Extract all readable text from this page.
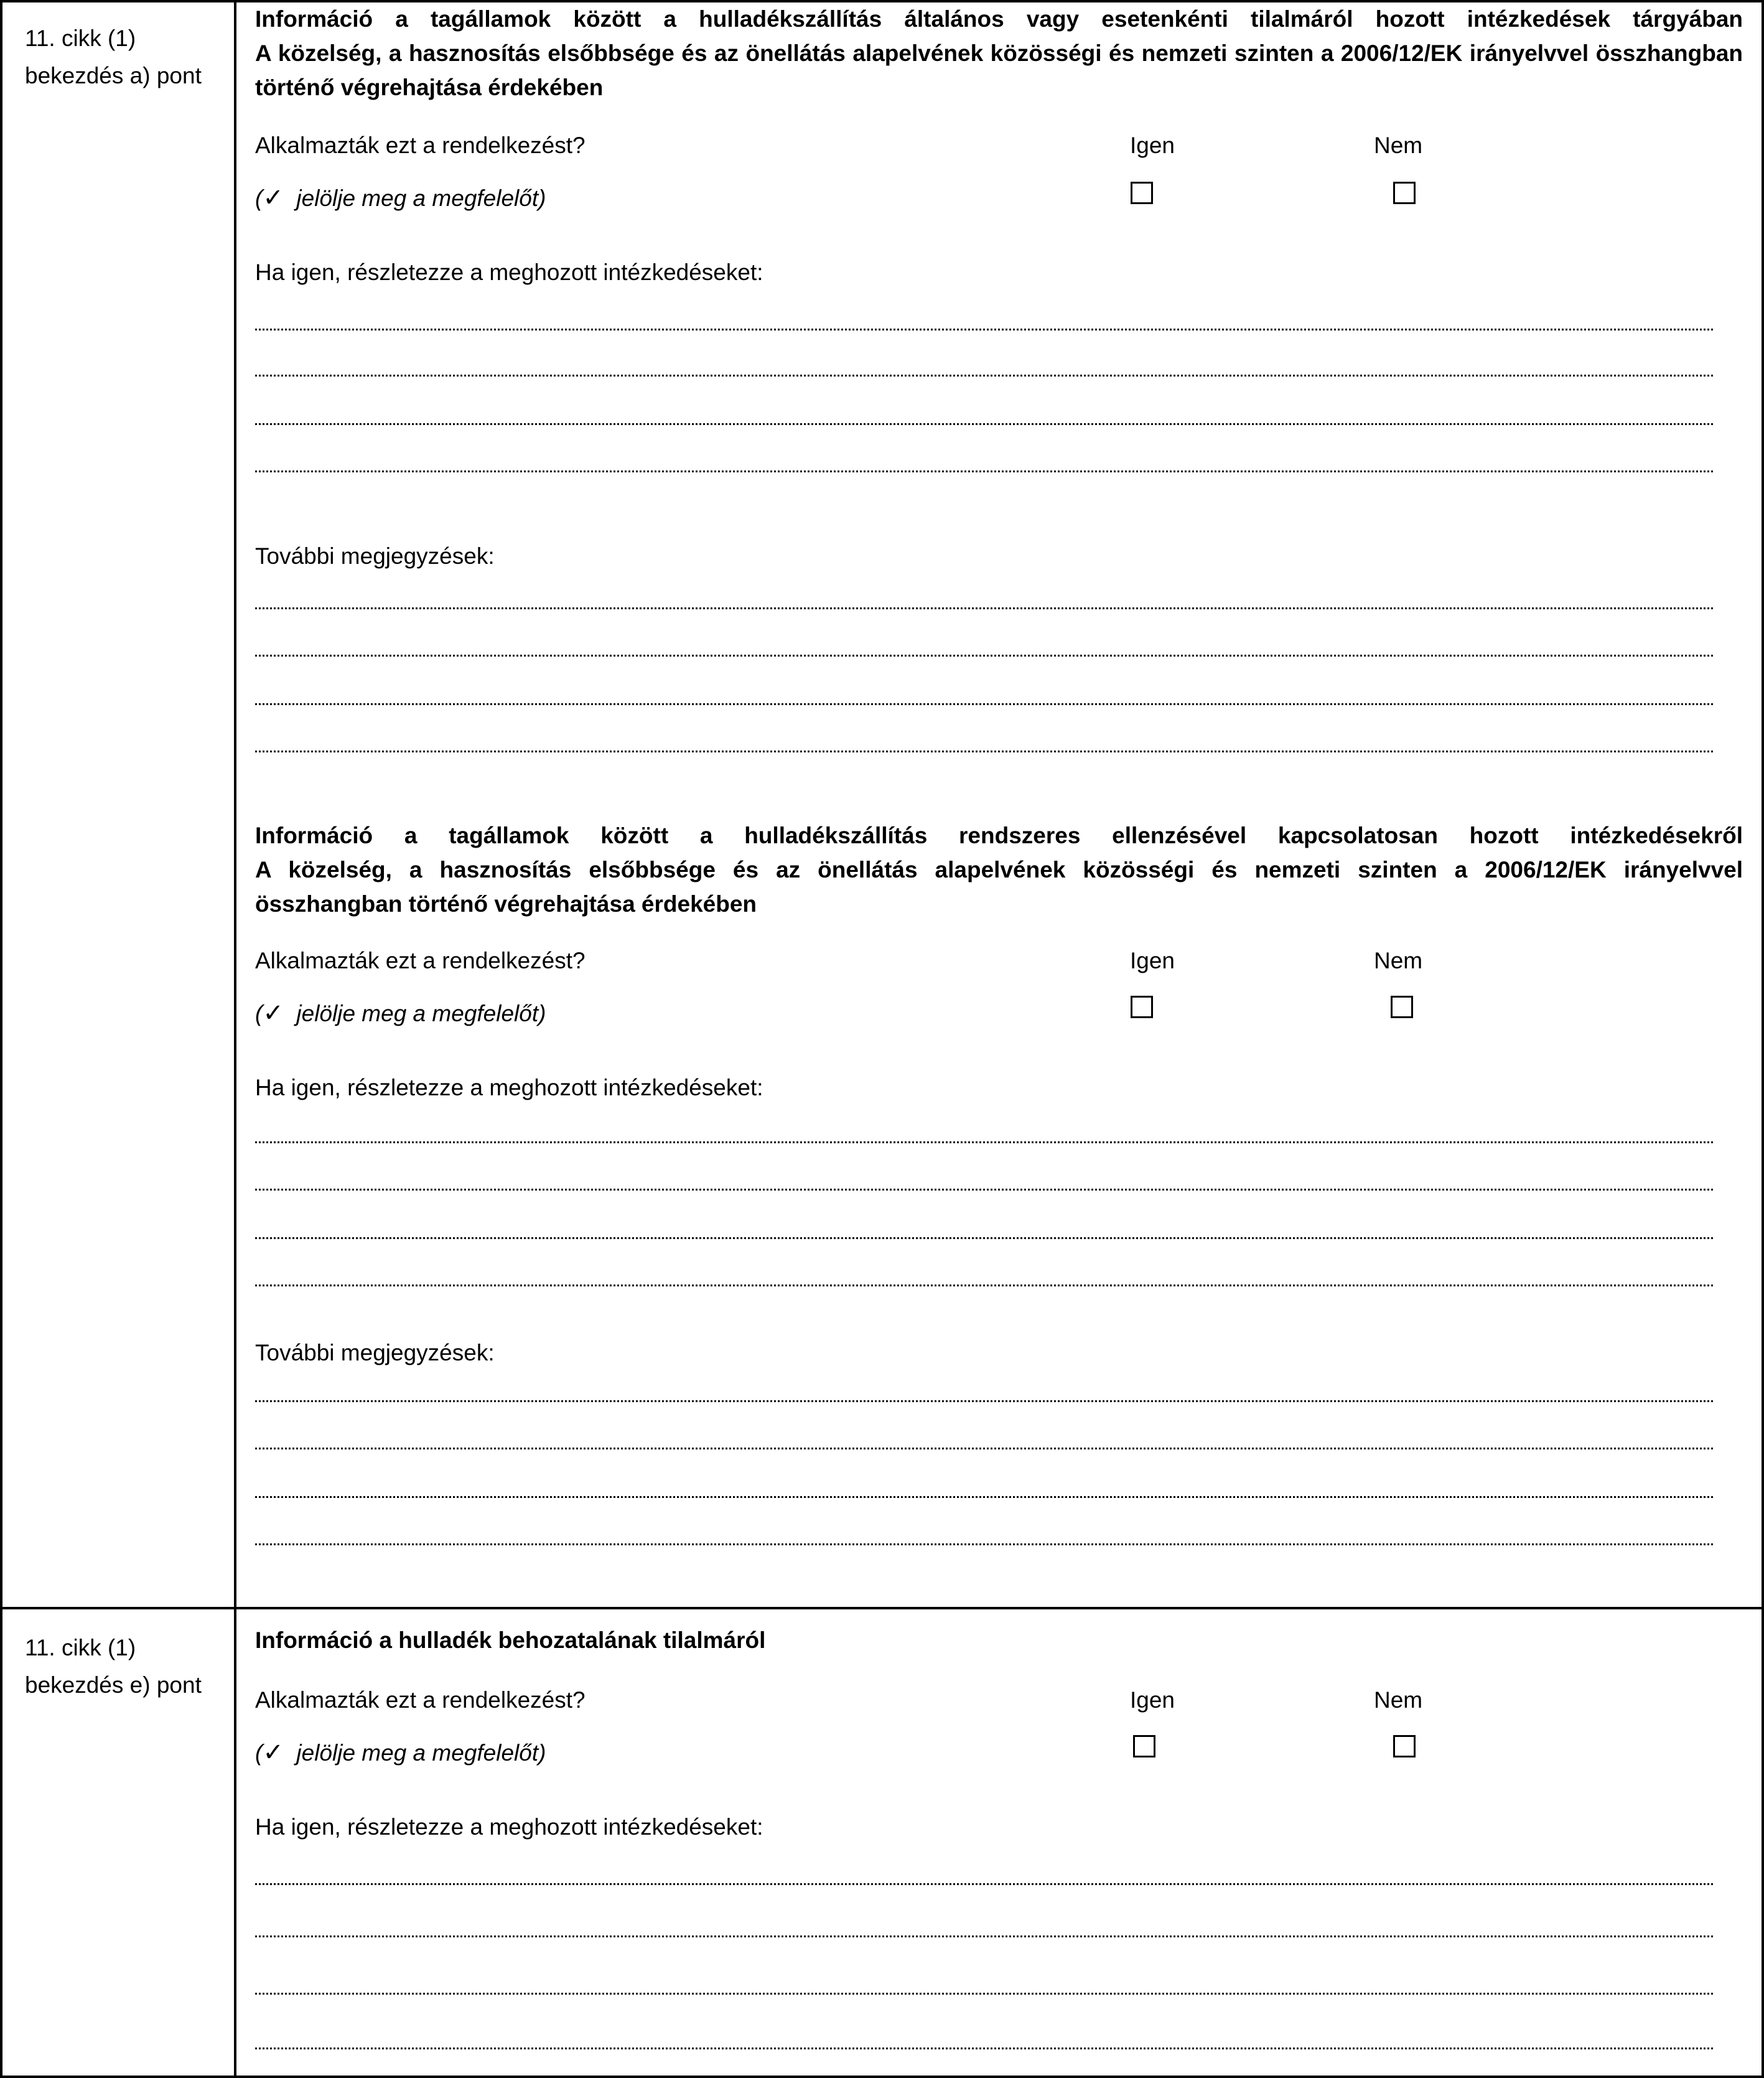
11. cikk (1)
bekezdés a) pont
Információ a tagállamok között a hulladékszállítás általános vagy esetenkénti tilalmáról hozott intézkedések tárgyában
A közelség, a hasznosítás elsőbbsége és az önellátás alapelvének közösségi és nemzeti szinten a 2006/12/EK irányelvvel összhangban
történő végrehajtása érdekében
Alkalmazták ezt a rendelkezést?	Igen	Nem
(✓ jelölje meg a megfelelőt)
Ha igen, részletezze a meghozott intézkedéseket:
További megjegyzések:
Információ a tagállamok között a hulladékszállítás rendszeres ellenzésével kapcsolatosan hozott intézkedésekről
A közelség, a hasznosítás elsőbbsége és az önellátás alapelvének közösségi és nemzeti szinten a 2006/12/EK irányelvvel
összhangban történő végrehajtása érdekében
Alkalmazták ezt a rendelkezést?	Igen	Nem
(✓ jelölje meg a megfelelőt)
Ha igen, részletezze a meghozott intézkedéseket:
További megjegyzések:
11. cikk (1)
bekezdés e) pont
Információ a hulladék behozatalának tilalmáról
Alkalmazták ezt a rendelkezést?	Igen	Nem
(✓ jelölje meg a megfelelőt)
Ha igen, részletezze a meghozott intézkedéseket:
